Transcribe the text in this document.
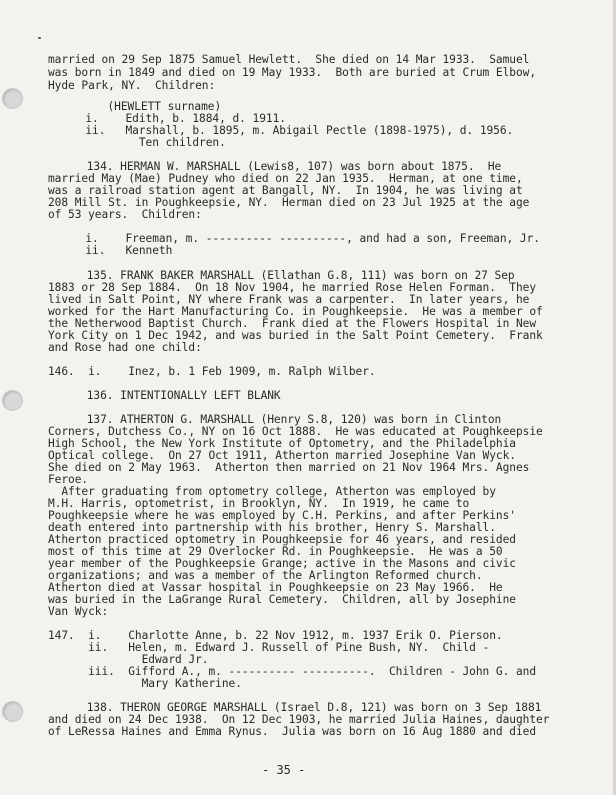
married on 29 Sep 1875 Samuel Hewlett.  She died on 14 Mar 1933.  Samuel
was born in 1849 and died on 19 May 1933.  Both are buried at Crum Elbow,
Hyde Park, NY.  Children:
(HEWLETT surname)
i.    Edith, b. 1884, d. 1911.
ii.   Marshall, b. 1895, m. Abigail Pectle (1898-1975), d. 1956.
Ten children.
134. HERMAN W. MARSHALL (Lewis8, 107) was born about 1875.  He
married May (Mae) Pudney who died on 22 Jan 1935.  Herman, at one time,
was a railroad station agent at Bangall, NY.  In 1904, he was living at
208 Mill St. in Poughkeepsie, NY.  Herman died on 23 Jul 1925 at the age
of 53 years.  Children:
i.    Freeman, m. ---------- ----------, and had a son, Freeman, Jr.
ii.   Kenneth
135. FRANK BAKER MARSHALL (Ellathan G.8, 111) was born on 27 Sep
1883 or 28 Sep 1884.  On 18 Nov 1904, he married Rose Helen Forman.  They
lived in Salt Point, NY where Frank was a carpenter.  In later years, he
worked for the Hart Manufacturing Co. in Poughkeepsie.  He was a member of
the Netherwood Baptist Church.  Frank died at the Flowers Hospital in New
York City on 1 Dec 1942, and was buried in the Salt Point Cemetery.  Frank
and Rose had one child:
146.  i.    Inez, b. 1 Feb 1909, m. Ralph Wilber.
136. INTENTIONALLY LEFT BLANK
137. ATHERTON G. MARSHALL (Henry S.8, 120) was born in Clinton
Corners, Dutchess Co., NY on 16 Oct 1888.  He was educated at Poughkeepsie
High School, the New York Institute of Optometry, and the Philadelphia
Optical college.  On 27 Oct 1911, Atherton married Josephine Van Wyck.
She died on 2 May 1963.  Atherton then married on 21 Nov 1964 Mrs. Agnes
Feroe.
After graduating from optometry college, Atherton was employed by
M.H. Harris, optometrist, in Brooklyn, NY.  In 1919, he came to
Poughkeepsie where he was employed by C.H. Perkins, and after Perkins'
death entered into partnership with his brother, Henry S. Marshall.
Atherton practiced optometry in Poughkeepsie for 46 years, and resided
most of this time at 29 Overlocker Rd. in Poughkeepsie.  He was a 50
year member of the Poughkeepsie Grange; active in the Masons and civic
organizations; and was a member of the Arlington Reformed church.
Atherton died at Vassar hospital in Poughkeepsie on 23 May 1966.  He
was buried in the LaGrange Rural Cemetery.  Children, all by Josephine
Van Wyck:
147.  i.    Charlotte Anne, b. 22 Nov 1912, m. 1937 Erik O. Pierson.
ii.   Helen, m. Edward J. Russell of Pine Bush, NY.  Child -
Edward Jr.
iii.  Gifford A., m. ---------- ----------.  Children - John G. and
Mary Katherine.
138. THERON GEORGE MARSHALL (Israel D.8, 121) was born on 3 Sep 1881
and died on 24 Dec 1938.  On 12 Dec 1903, he married Julia Haines, daughter
of LeRessa Haines and Emma Rynus.  Julia was born on 16 Aug 1880 and died
- 35 -
